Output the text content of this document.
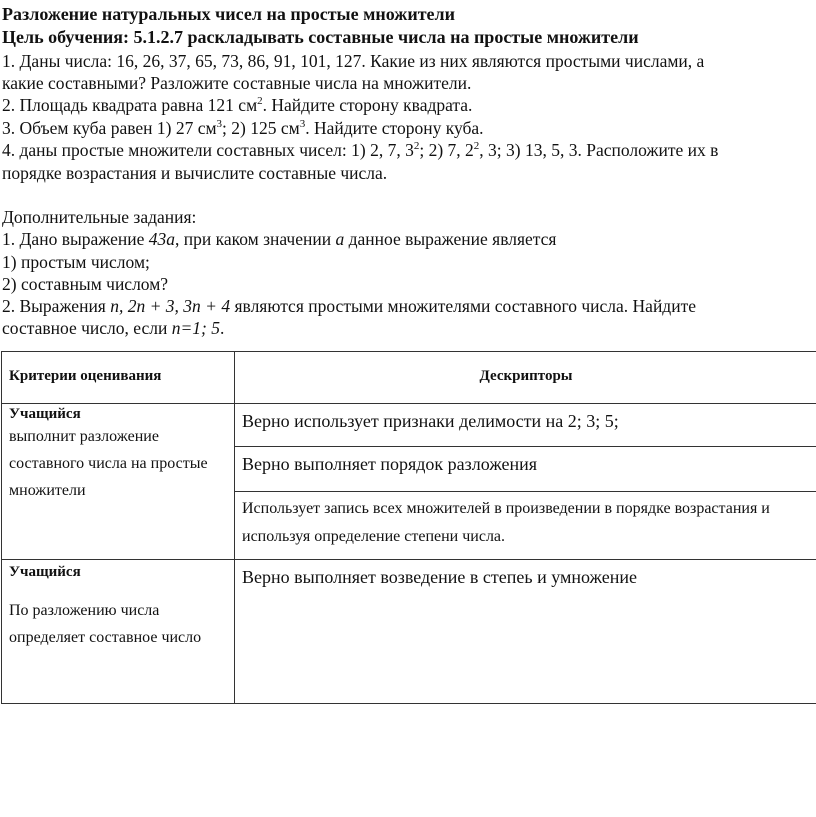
Разложение натуральных чисел на простые множители
Цель обучения: 5.1.2.7 раскладывать составные числа на простые множители
1. Даны числа: 16, 26, 37, 65, 73, 86, 91, 101, 127. Какие из них являются простыми числами, а
какие составными? Разложите составные числа на множители.
2. Площадь квадрата равна 121 $см^2$. Найдите сторону квадрата.
3. Объем куба равен 1) 27 $см^3$; 2) 125 $см^3$. Найдите сторону куба.
4. даны простые множители составных чисел: 1) 2, 7, $3^2$; 2) 7, $2^2$, 3; 3) 13, 5, 3. Расположите их в
порядке возрастания и вычислите составные числа.
Дополнительные задания:
1. Дано выражение 43a, при каком значении a данное выражение является
1) простым числом;
2) составным числом?
2. Выражения n, 2n + 3, 3n + 4 являются простыми множителями составного числа. Найдите
составное число, если n=1; 5.
Критерии оценивания	Дескрипторы

Учащийся
выполнит разложение составного числа на простые множители	Верно использует признаки делимости на 2; 3; 5;

	Верно выполняет порядок разложения

	Использует запись всех множителей в произведении в порядке возрастания и используя определение степени числа.

Учащийся
По разложению числа определяет составное число	Верно выполняет возведение в степеь и умножение
